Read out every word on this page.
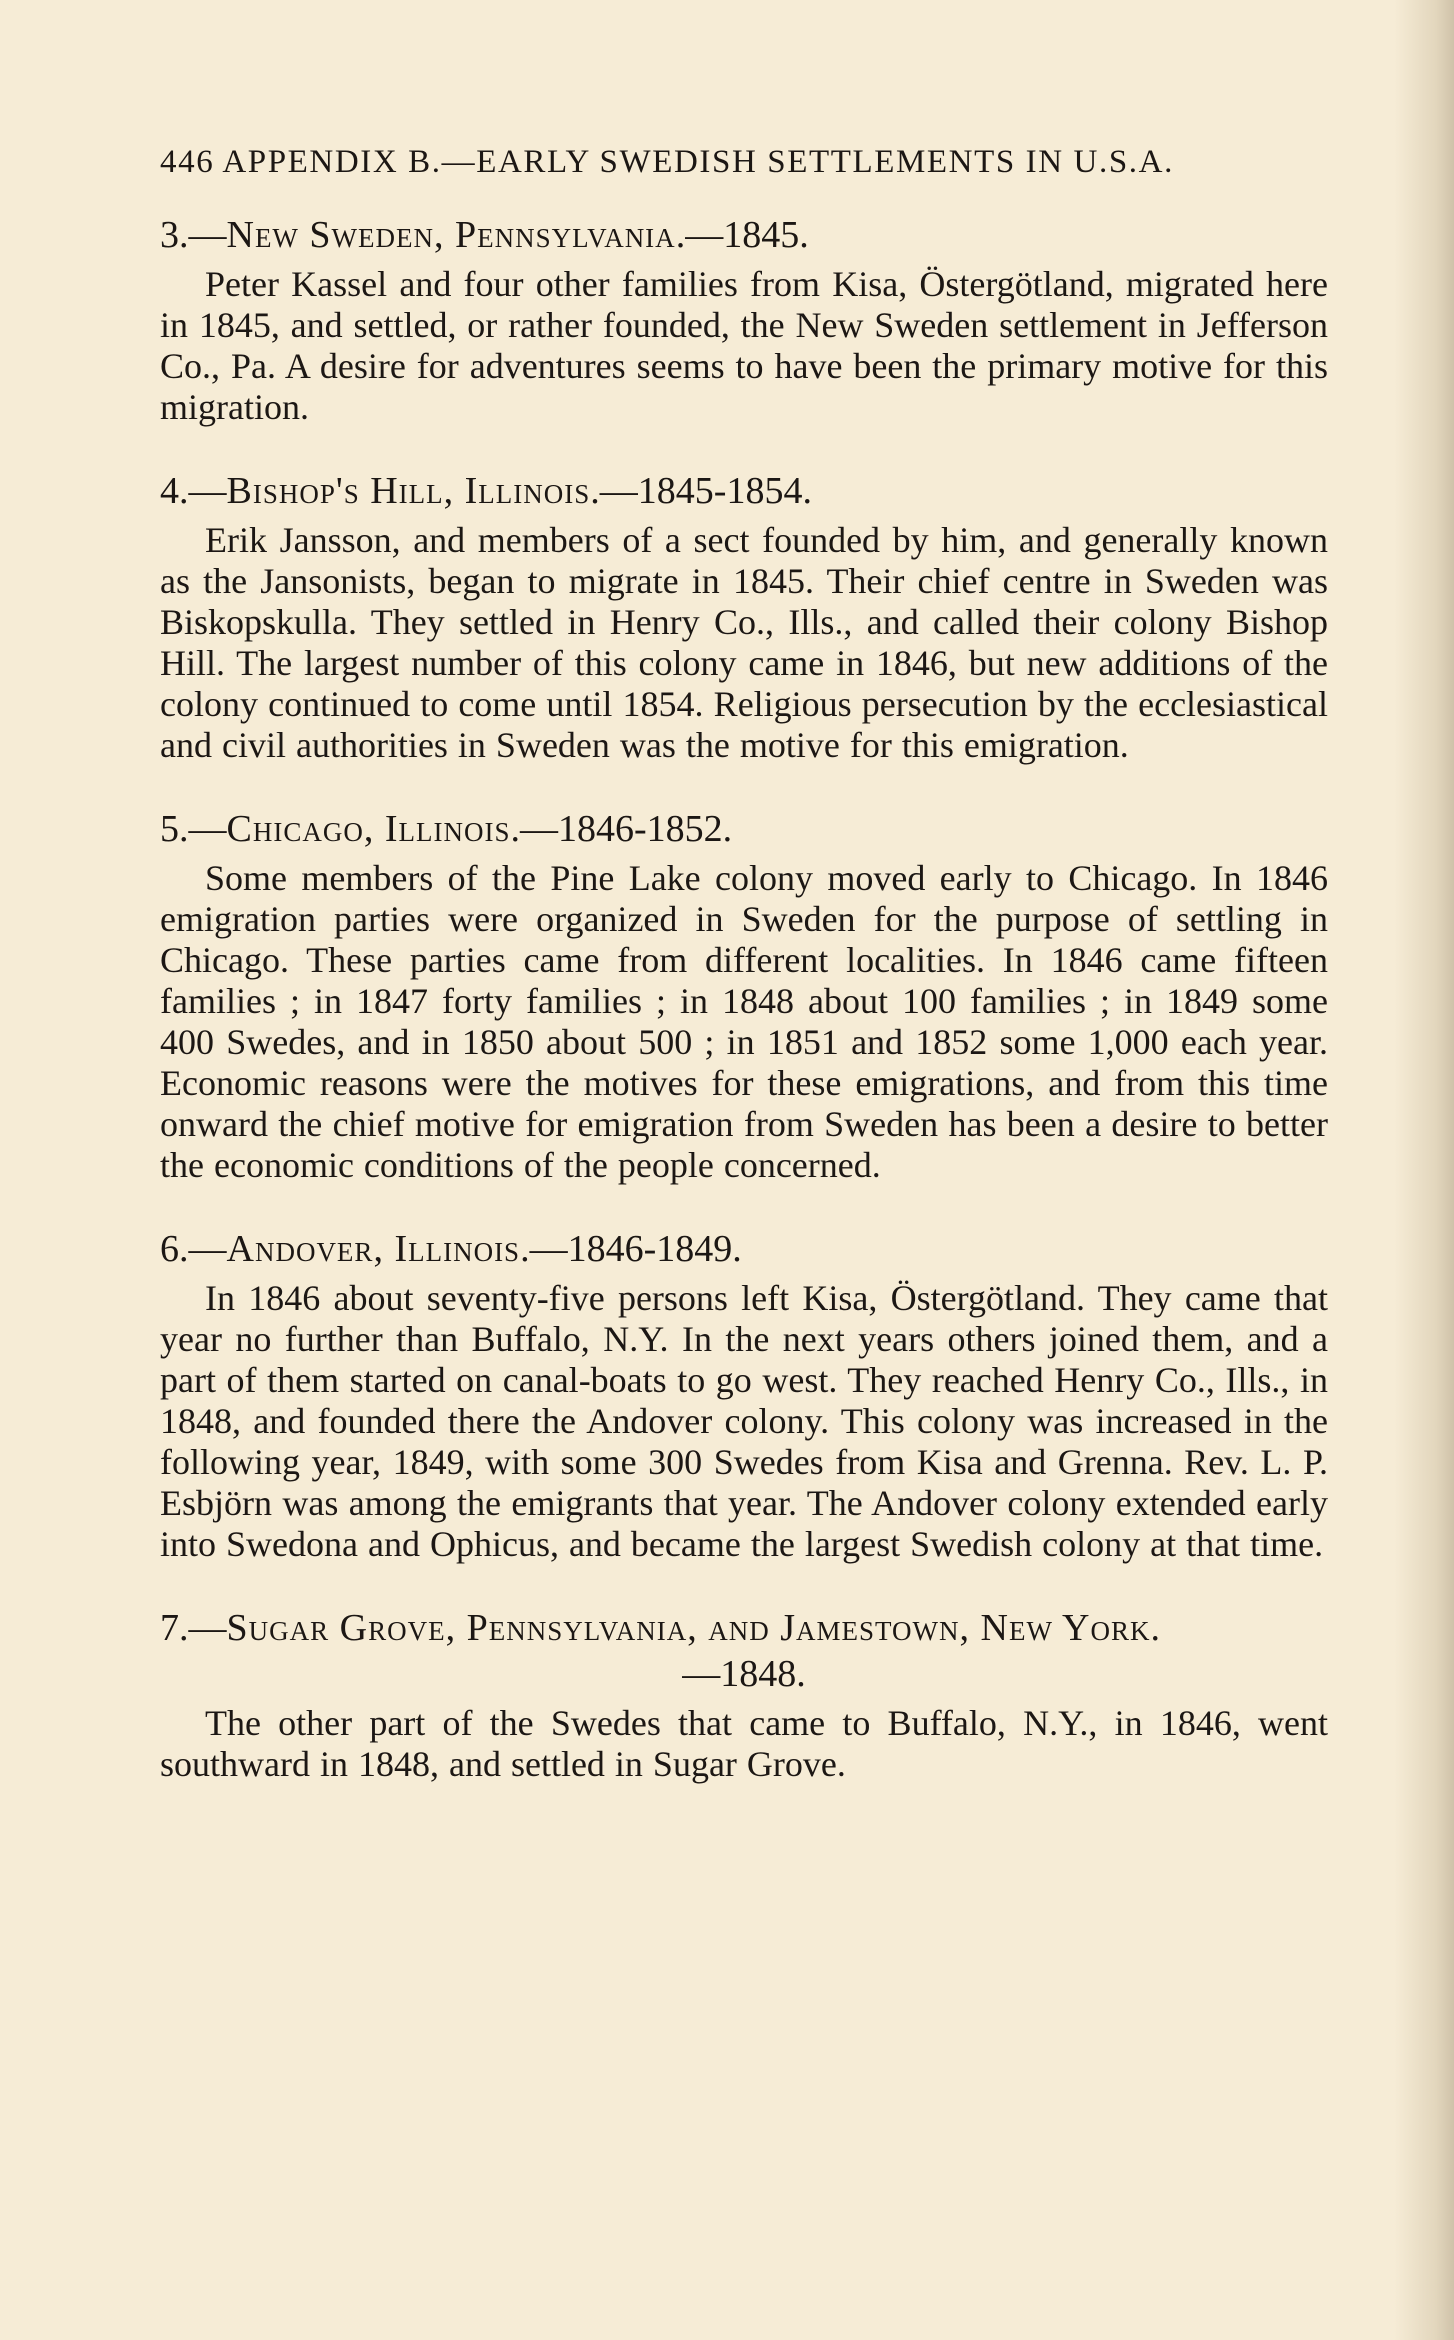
446 APPENDIX B.—EARLY SWEDISH SETTLEMENTS IN U.S.A.
3.—New Sweden, Pennsylvania.—1845.

Peter Kassel and four other families from Kisa, Östergötland, migrated here in 1845, and settled, or rather founded, the New Sweden settlement in Jefferson Co., Pa. A desire for adventures seems to have been the primary motive for this migration.

4.—Bishop's Hill, Illinois.—1845-1854.

Erik Jansson, and members of a sect founded by him, and generally known as the Jansonists, began to migrate in 1845. Their chief centre in Sweden was Biskopskulla. They settled in Henry Co., Ills., and called their colony Bishop Hill. The largest number of this colony came in 1846, but new additions of the colony continued to come until 1854. Religious persecution by the ecclesiastical and civil authorities in Sweden was the motive for this emigration.

5.—Chicago, Illinois.—1846-1852.

Some members of the Pine Lake colony moved early to Chicago. In 1846 emigration parties were organized in Sweden for the purpose of settling in Chicago. These parties came from different localities. In 1846 came fifteen families ; in 1847 forty families ; in 1848 about 100 families ; in 1849 some 400 Swedes, and in 1850 about 500 ; in 1851 and 1852 some 1,000 each year. Economic reasons were the motives for these emigrations, and from this time onward the chief motive for emigration from Sweden has been a desire to better the economic conditions of the people concerned.

6.—Andover, Illinois.—1846-1849.

In 1846 about seventy-five persons left Kisa, Östergötland. They came that year no further than Buffalo, N.Y. In the next years others joined them, and a part of them started on canal-boats to go west. They reached Henry Co., Ills., in 1848, and founded there the Andover colony. This colony was increased in the following year, 1849, with some 300 Swedes from Kisa and Grenna. Rev. L. P. Esbjörn was among the emigrants that year. The Andover colony extended early into Swedona and Ophicus, and became the largest Swedish colony at that time.

7.—Sugar Grove, Pennsylvania, and Jamestown, New York.
—1848.

The other part of the Swedes that came to Buffalo, N.Y., in 1846, went southward in 1848, and settled in Sugar Grove.
